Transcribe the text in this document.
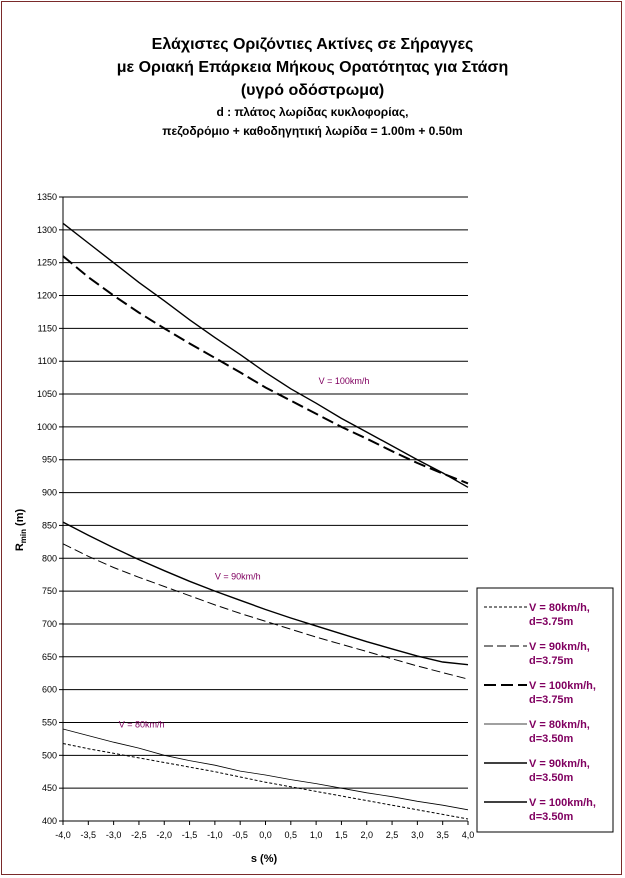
Ελάχιστες Οριζόντιες Ακτίνες σε Σήραγγες
με Οριακή Επάρκεια Μήκους Ορατότητας για Στάση
(υγρό οδόστρωμα)
d : πλάτος λωρίδας κυκλοφορίας,
πεζοδρόμιο + καθοδηγητική λωρίδα = 1.00m + 0.50m
400
450
500
550
600
650
700
750
800
850
900
950
1000
1050
1100
1150
1200
1250
1300
1350
-4,0 -3,5 -3,0 -2,5 -2,0 -1,5 -1,0 -0,5 0,0 0,5 1,0 1,5 2,0 2,5 3,0 3,5 4,0
V = 100km/h
V = 90km/h
V = 80km/h
s (%)
$R_{min}$ (m)
V = 80km/h, d=3.75m
V = 90km/h, d=3.75m
V = 100km/h, d=3.75m
V = 80km/h, d=3.50m
V = 90km/h, d=3.50m
V = 100km/h, d=3.50m
